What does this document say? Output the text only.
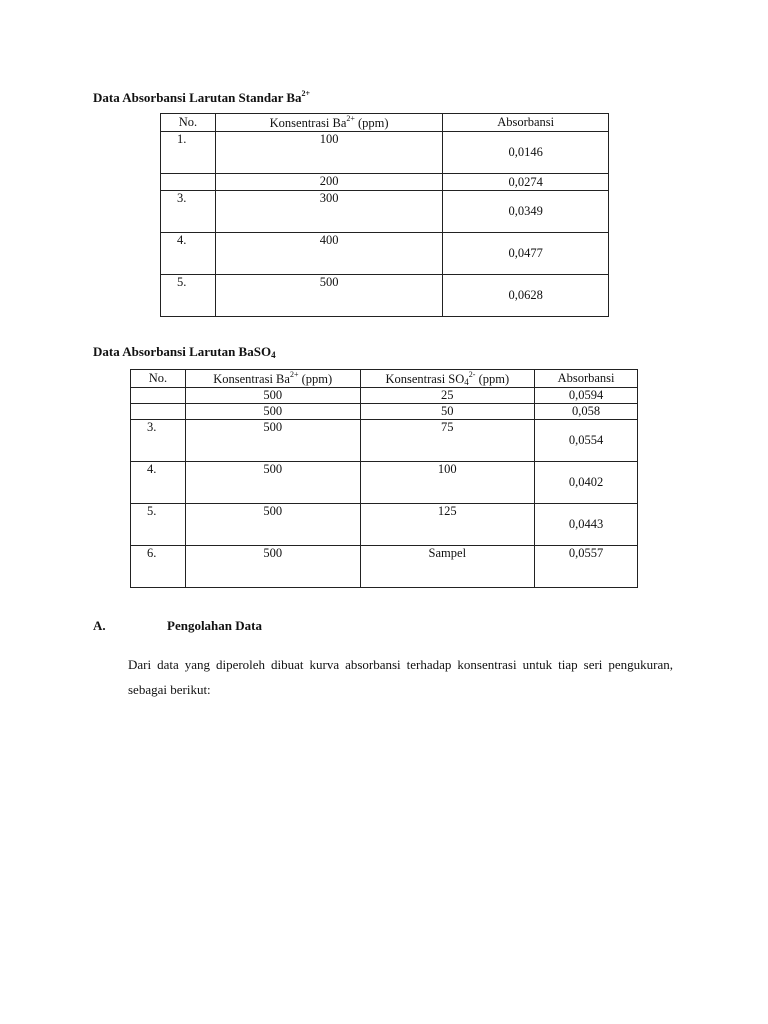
Data Absorbansi Larutan Standar $Ba^{2+}$
No.	Konsentrasi $Ba^{2+}$ (ppm)	Absorbansi
1.	100	0,0146
	200	0,0274
3.	300	0,0349
4.	400	0,0477
5.	500	0,0628
Data Absorbansi Larutan BaSO$_4$
No.	Konsentrasi $Ba^{2+}$ (ppm)	Konsentrasi $SO_4^{2-}$ (ppm)	Absorbansi
	500	25	0,0594
	500	50	0,058
3.	500	75	0,0554
4.	500	100	0,0402
5.	500	125	0,0443
6.	500	Sampel	0,0557
A.	Pengolahan Data
Dari data yang diperoleh dibuat kurva absorbansi terhadap konsentrasi untuk tiap seri pengukuran, sebagai berikut:
